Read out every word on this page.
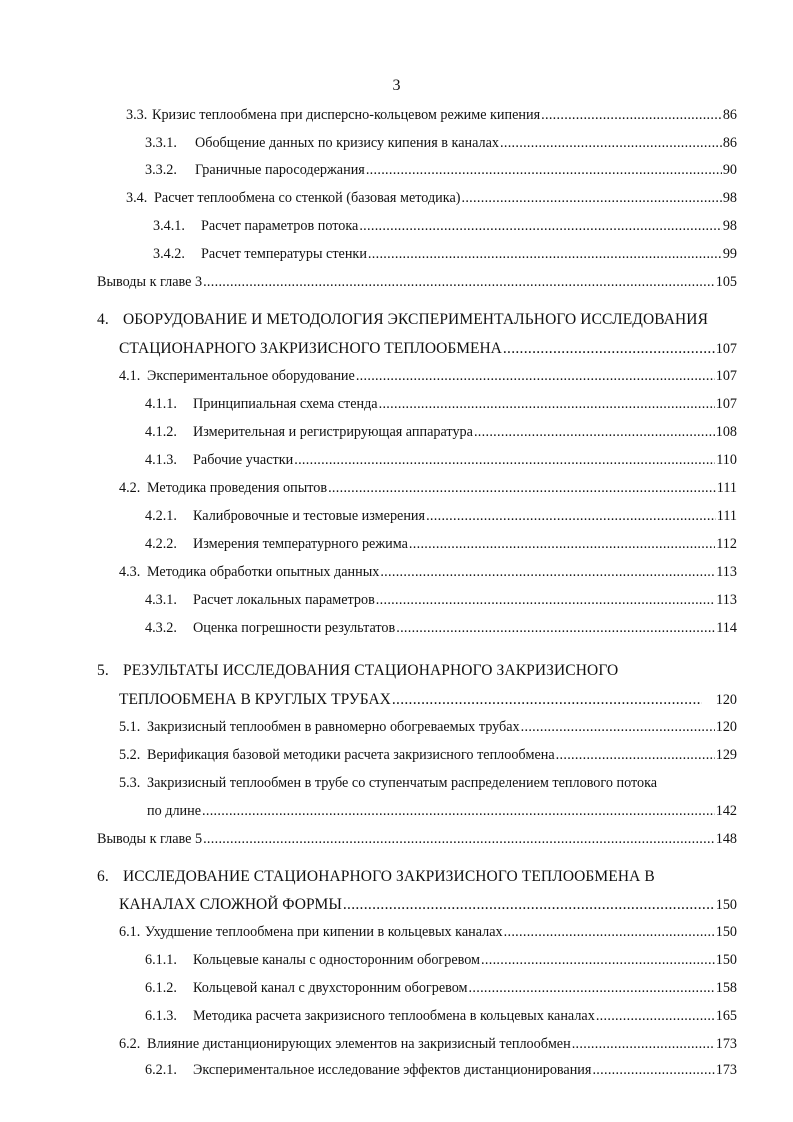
3
3.3. Кризис теплообмена при дисперсно-кольцевом режиме кипения .....	86
3.3.1.	Обобщение данных по кризису кипения в каналах .....	86
3.3.2.	Граничные паросодержания .....	90
3.4. Расчет теплообмена со стенкой (базовая методика) .....	98
3.4.1.	Расчет параметров потока .....	98
3.4.2.	Расчет температуры стенки .....	99
Выводы к главе 3 .....	105
4. ОБОРУДОВАНИЕ И МЕТОДОЛОГИЯ ЭКСПЕРИМЕНТАЛЬНОГО ИССЛЕДОВАНИЯ
СТАЦИОНАРНОГО ЗАКРИЗИСНОГО ТЕПЛООБМЕНА .....	107
4.1. Экспериментальное оборудование .....	107
4.1.1.	Принципиальная схема стенда .....	107
4.1.2.	Измерительная и регистрирующая аппаратура .....	108
4.1.3.	Рабочие участки .....	110
4.2. Методика проведения опытов .....	111
4.2.1.	Калибровочные и тестовые измерения .....	111
4.2.2.	Измерения температурного режима .....	112
4.3. Методика обработки опытных данных .....	113
4.3.1.	Расчет локальных параметров .....	113
4.3.2.	Оценка погрешности результатов .....	114
5. РЕЗУЛЬТАТЫ ИССЛЕДОВАНИЯ СТАЦИОНАРНОГО ЗАКРИЗИСНОГО
ТЕПЛООБМЕНА В КРУГЛЫХ ТРУБАХ .....	120
5.1. Закризисный теплообмен в равномерно обогреваемых трубах .....	120
5.2. Верификация базовой методики расчета закризисного теплообмена .....	129
5.3. Закризисный теплообмен в трубе со ступенчатым распределением теплового потока
по длине .....	142
Выводы к главе 5 .....	148
6. ИССЛЕДОВАНИЕ СТАЦИОНАРНОГО ЗАКРИЗИСНОГО ТЕПЛООБМЕНА В
КАНАЛАХ СЛОЖНОЙ ФОРМЫ .....	150
6.1. Ухудшение теплообмена при кипении в кольцевых каналах .....	150
6.1.1.	Кольцевые каналы с односторонним обогревом .....	150
6.1.2.	Кольцевой канал с двухсторонним обогревом .....	158
6.1.3.	Методика расчета закризисного теплообмена в кольцевых каналах .....	165
6.2. Влияние дистанционирующих элементов на закризисный теплообмен .....	173
6.2.1.	Экспериментальное исследование эффектов дистанционирования .....	173
